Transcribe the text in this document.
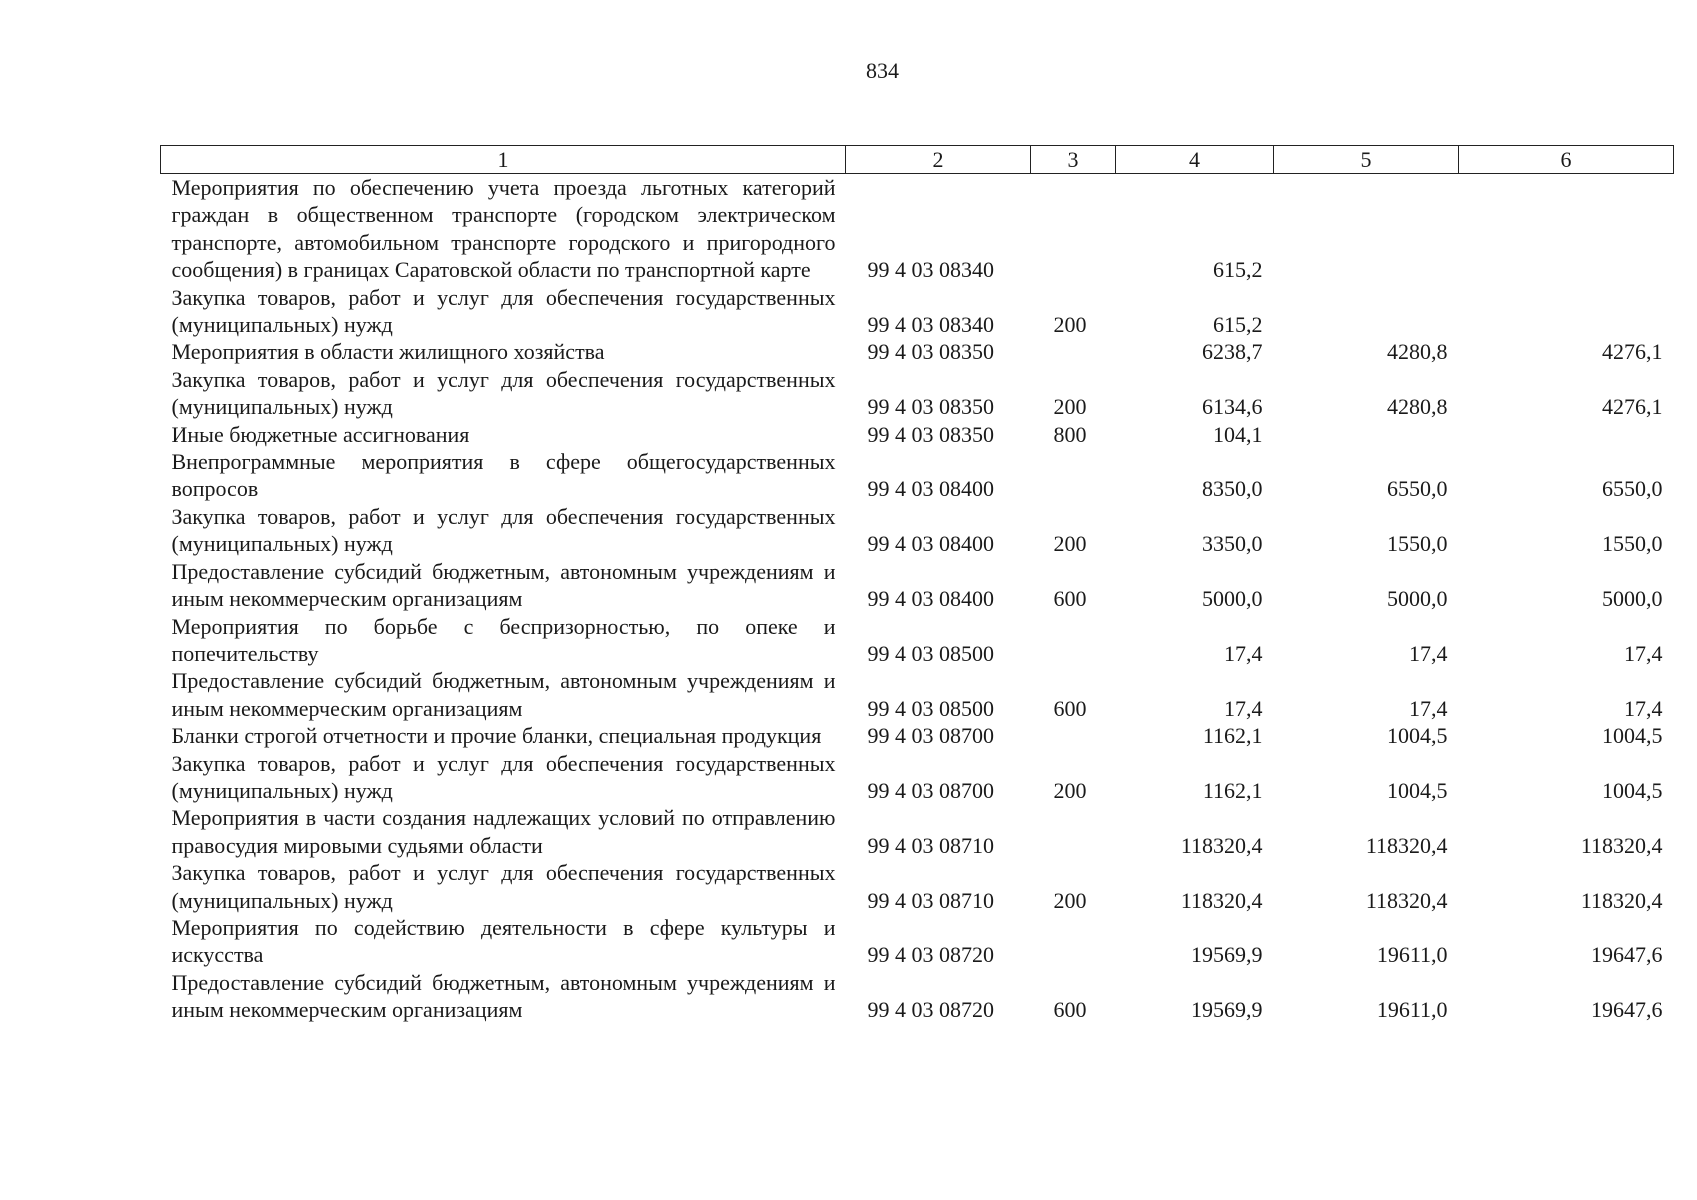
834
1	2	3	4	5	6
Мероприятия по обеспечению учета проезда льготных категорий граждан в общественном транспорте (городском электрическом транспорте, автомобильном транспорте городского и пригородного сообщения) в границах Саратовской области по транспортной карте	99 4 03 08340		615,2		
Закупка товаров, работ и услуг для обеспечения государственных (муниципальных) нужд	99 4 03 08340	200	615,2		
Мероприятия в области жилищного хозяйства	99 4 03 08350		6238,7	4280,8	4276,1
Закупка товаров, работ и услуг для обеспечения государственных (муниципальных) нужд	99 4 03 08350	200	6134,6	4280,8	4276,1
Иные бюджетные ассигнования	99 4 03 08350	800	104,1		
Внепрограммные мероприятия в сфере общегосударственных вопросов	99 4 03 08400		8350,0	6550,0	6550,0
Закупка товаров, работ и услуг для обеспечения государственных (муниципальных) нужд	99 4 03 08400	200	3350,0	1550,0	1550,0
Предоставление субсидий бюджетным, автономным учреждениям и иным некоммерческим организациям	99 4 03 08400	600	5000,0	5000,0	5000,0
Мероприятия по борьбе с беспризорностью, по опеке и попечительству	99 4 03 08500		17,4	17,4	17,4
Предоставление субсидий бюджетным, автономным учреждениям и иным некоммерческим организациям	99 4 03 08500	600	17,4	17,4	17,4
Бланки строгой отчетности и прочие бланки, специальная продукция	99 4 03 08700		1162,1	1004,5	1004,5
Закупка товаров, работ и услуг для обеспечения государственных (муниципальных) нужд	99 4 03 08700	200	1162,1	1004,5	1004,5
Мероприятия в части создания надлежащих условий по отправлению правосудия мировыми судьями области	99 4 03 08710		118320,4	118320,4	118320,4
Закупка товаров, работ и услуг для обеспечения государственных (муниципальных) нужд	99 4 03 08710	200	118320,4	118320,4	118320,4
Мероприятия по содействию деятельности в сфере культуры и искусства	99 4 03 08720		19569,9	19611,0	19647,6
Предоставление субсидий бюджетным, автономным учреждениям и иным некоммерческим организациям	99 4 03 08720	600	19569,9	19611,0	19647,6
